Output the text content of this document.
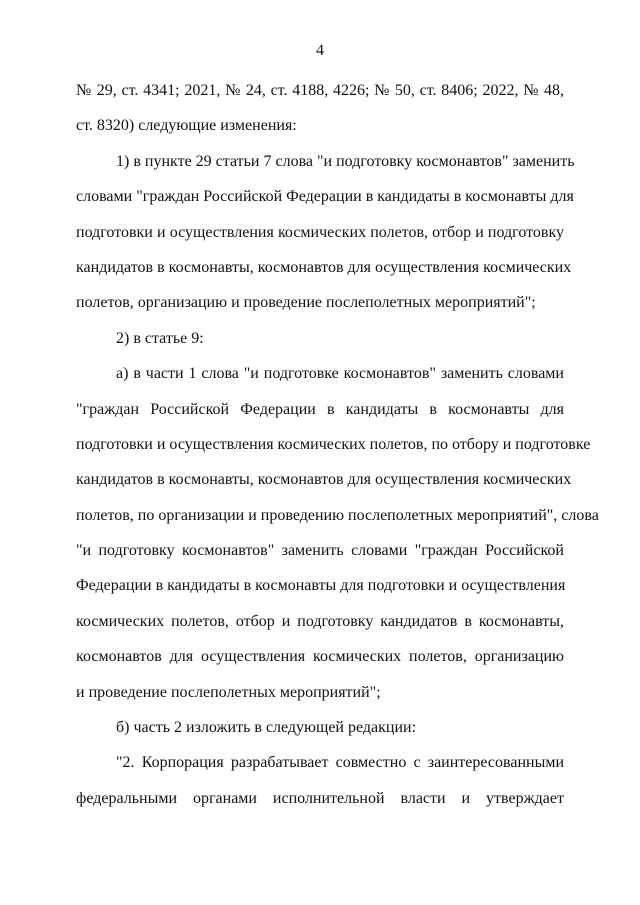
4
№ 29, ст. 4341; 2021, № 24, ст. 4188, 4226; № 50, ст. 8406; 2022, № 48,
ст. 8320) следующие изменения:
1) в пункте 29 статьи 7 слова "и подготовку космонавтов" заменить
словами "граждан Российской Федерации в кандидаты в космонавты для
подготовки и осуществления космических полетов, отбор и подготовку
кандидатов в космонавты, космонавтов для осуществления космических
полетов, организацию и проведение послеполетных мероприятий";
2) в статье 9:
а) в части 1 слова "и подготовке космонавтов" заменить словами
"граждан Российской Федерации в кандидаты в космонавты для
подготовки и осуществления космических полетов, по отбору и подготовке
кандидатов в космонавты, космонавтов для осуществления космических
полетов, по организации и проведению послеполетных мероприятий", слова
"и подготовку космонавтов" заменить словами "граждан Российской
Федерации в кандидаты в космонавты для подготовки и осуществления
космических полетов, отбор и подготовку кандидатов в космонавты,
космонавтов для осуществления космических полетов, организацию
и проведение послеполетных мероприятий";
б) часть 2 изложить в следующей редакции:
"2. Корпорация разрабатывает совместно с заинтересованными
федеральными органами исполнительной власти и утверждает
